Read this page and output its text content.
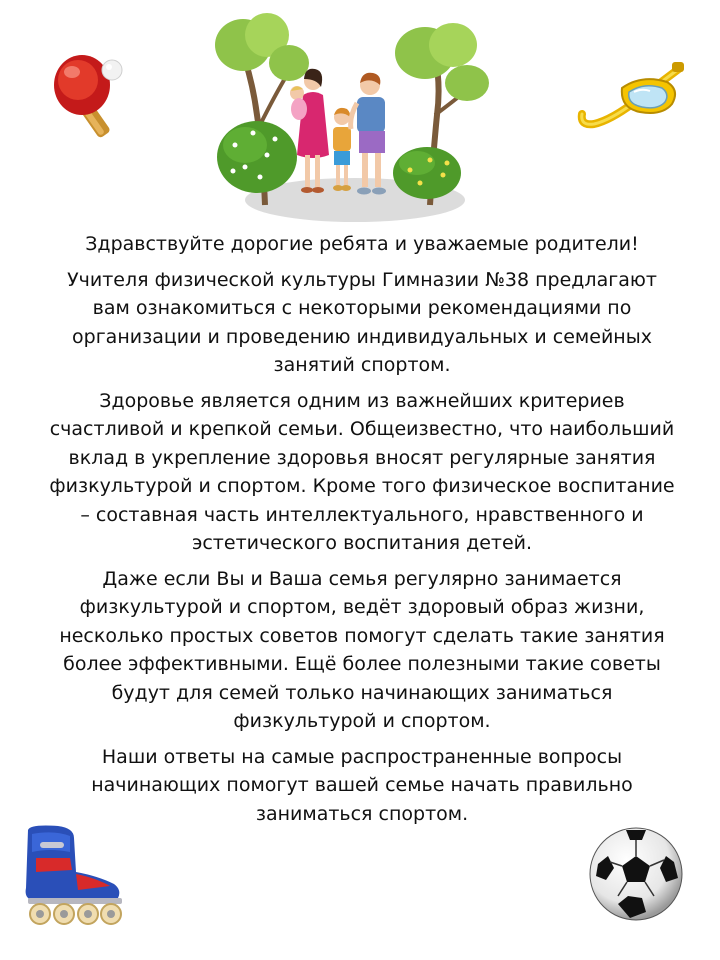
Здравствуйте дорогие ребята и уважаемые родители!

Учителя физической культуры Гимназии №38 предлагают вам ознакомиться с некоторыми рекомендациями по организации и проведению индивидуальных и семейных занятий спортом.

Здоровье является одним из важнейших критериев счастливой и крепкой семьи. Общеизвестно, что наибольший вклад в укрепление здоровья вносят регулярные занятия физкультурой и спортом. Кроме того физическое воспитание – составная часть интеллектуального, нравственного и эстетического воспитания детей.

Даже если Вы и Ваша семья регулярно занимается физкультурой и спортом, ведёт здоровый образ жизни, несколько простых советов помогут сделать такие занятия более эффективными. Ещё более полезными такие советы будут для семей только начинающих заниматься физкультурой и спортом.

Наши ответы на самые распространенные вопросы начинающих помогут вашей семье начать правильно заниматься спортом.
